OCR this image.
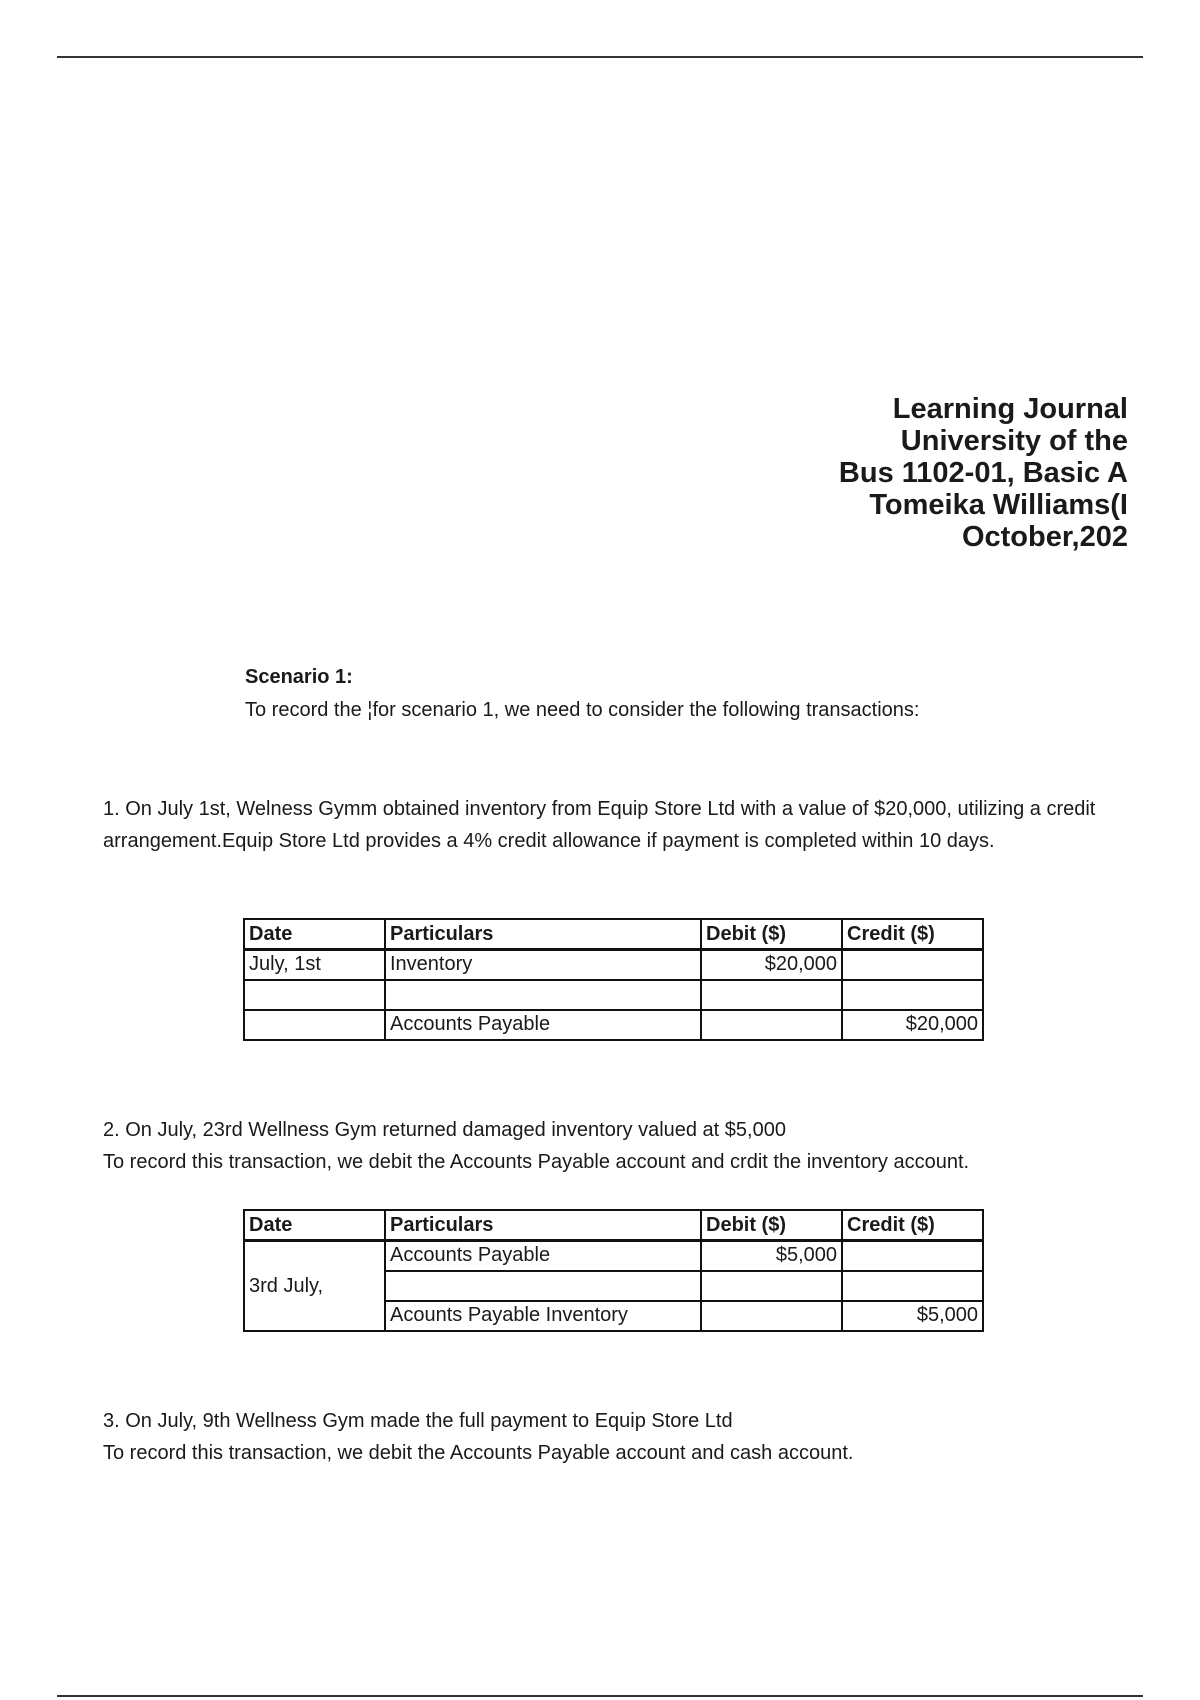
Learning Journal
University of the
Bus 1102-01, Basic A
Tomeika Williams(I
October,202
Scenario 1:
To record the ¦for scenario 1, we need to consider the following transactions:
1. On July 1st, Welness Gymm obtained inventory from Equip Store Ltd with a value of $20,000, utilizing a credit arrangement.Equip Store Ltd provides a 4% credit allowance if payment is completed within 10 days.
Date	Particulars	Debit ($)	Credit ($)
July, 1st	Inventory	$20,000	

	Accounts Payable		$20,000
2. On July, 23rd Wellness Gym returned damaged inventory valued at $5,000
To record this transaction, we debit the Accounts Payable account and crdit the inventory account.
Date	Particulars	Debit ($)	Credit ($)
3rd July,	Accounts Payable	$5,000	

	Acounts Payable Inventory		$5,000
3. On July, 9th Wellness Gym made the full payment to Equip Store Ltd
To record this transaction, we debit the Accounts Payable account and cash account.
